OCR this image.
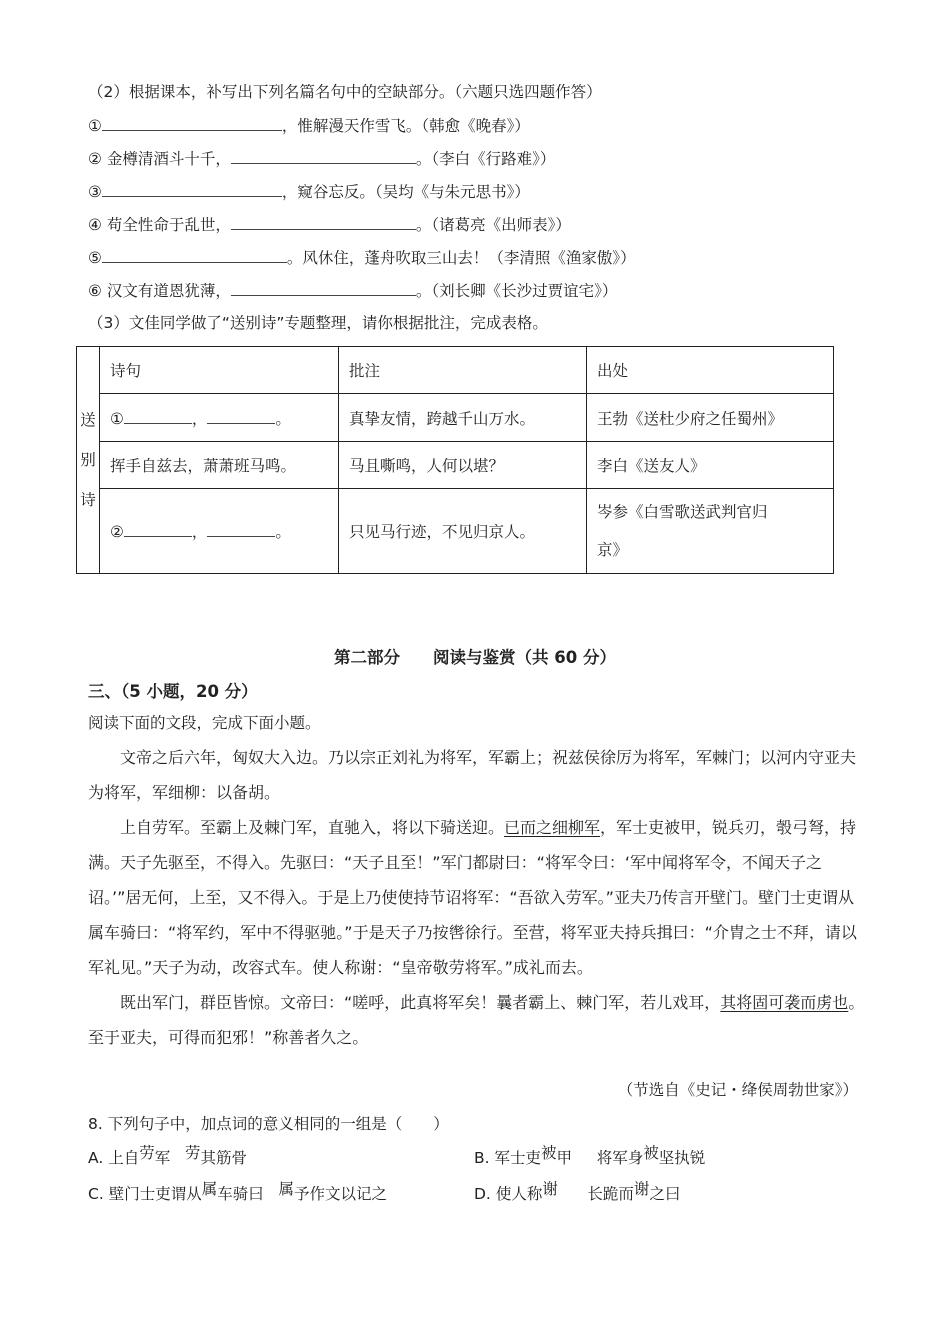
（2）根据课本，补写出下列名篇名句中的空缺部分。（六题只选四题作答）
①	，惟解漫天作雪飞。（韩愈《晚春》）
② 金樽清酒斗十千，	。（李白《行路难》）
③	，窥谷忘反。（吴均《与朱元思书》）
④ 苟全性命于乱世，	。（诸葛亮《出师表》）
⑤	。风休住，蓬舟吹取三山去！（李清照《渔家傲》）
⑥ 汉文有道恩犹薄，	。（刘长卿《长沙过贾谊宅》）
（3）文佳同学做了“送别诗”专题整理，请你根据批注，完成表格。
送
别
诗	诗句	批注	出处
	① ， 。	真挚友情，跨越千山万水。	王勃《送杜少府之任蜀州》
	挥手自兹去，萧萧班马鸣。	马且嘶鸣，人何以堪？	李白《送友人》
	② ， 。	只见马行迹，不见归京人。	岑参《白雪歌送武判官归
京》
第二部分　　阅读与鉴赏（共 60 分）
三、（5 小题，20 分）
阅读下面的文段，完成下面小题。

文帝之后六年，匈奴大入边。乃以宗正刘礼为将军，军霸上；祝兹侯徐厉为将军，军棘门；以河内守亚夫为将军，军细柳：以备胡。

上自劳军。至霸上及棘门军，直驰入，将以下骑送迎。已而之细柳军，军士吏被甲，锐兵刃，彀弓弩，持满。天子先驱至，不得入。先驱曰：“天子且至！”军门都尉曰：“将军令曰：‘军中闻将军令，不闻天子之诏。’”居无何，上至，又不得入。于是上乃使使持节诏将军：“吾欲入劳军。”亚夫乃传言开壁门。壁门士吏谓从属车骑曰：“将军约，军中不得驱驰。”于是天子乃按辔徐行。至营，将军亚夫持兵揖曰：“介胄之士不拜，请以军礼见。”天子为动，改容式车。使人称谢：“皇帝敬劳将军。”成礼而去。

既出军门，群臣皆惊。文帝曰：“嗟呼，此真将军矣！曩者霸上、棘门军，若儿戏耳，其将固可袭而虏也。至于亚夫，可得而犯邪！”称善者久之。

（节选自《史记・绛侯周勃世家》）
8. 下列句子中，加点词的意义相同的一组是（　　）
A. 上自劳军 劳其筋骨	B. 军士吏被甲 将军身被坚执锐
C. 壁门士吏谓从属车骑曰 属予作文以记之	D. 使人称谢 长跪而谢之曰
